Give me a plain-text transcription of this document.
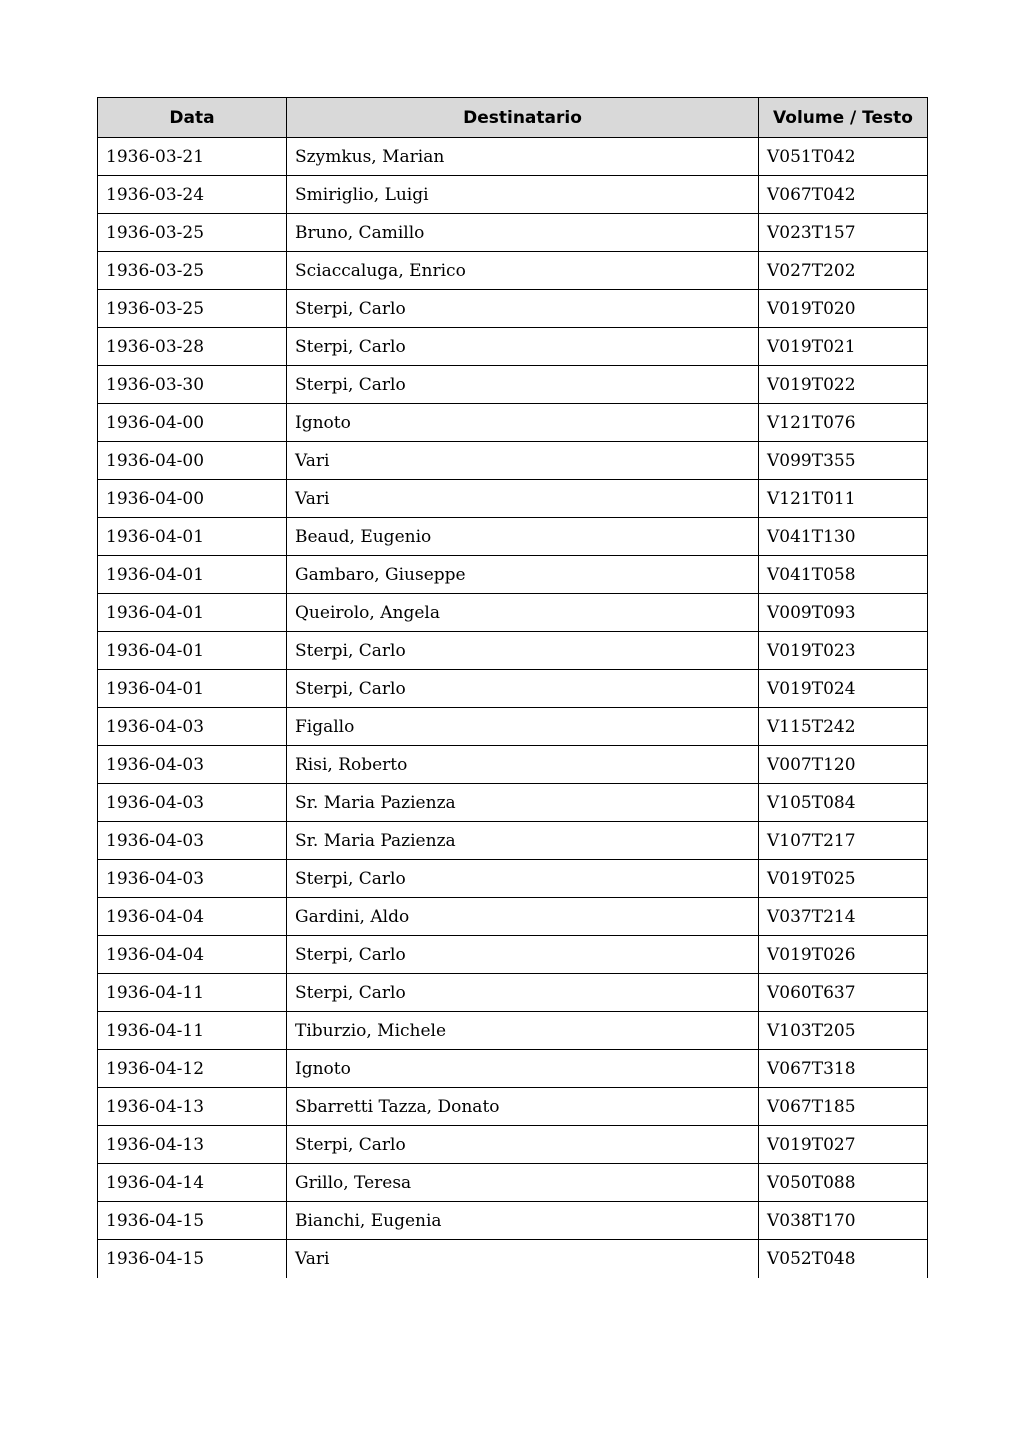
Data	Destinatario	Volume / Testo
1936-03-21	Szymkus, Marian	V051T042
1936-03-24	Smiriglio, Luigi	V067T042
1936-03-25	Bruno, Camillo	V023T157
1936-03-25	Sciaccaluga, Enrico	V027T202
1936-03-25	Sterpi, Carlo	V019T020
1936-03-28	Sterpi, Carlo	V019T021
1936-03-30	Sterpi, Carlo	V019T022
1936-04-00	Ignoto	V121T076
1936-04-00	Vari	V099T355
1936-04-00	Vari	V121T011
1936-04-01	Beaud, Eugenio	V041T130
1936-04-01	Gambaro, Giuseppe	V041T058
1936-04-01	Queirolo, Angela	V009T093
1936-04-01	Sterpi, Carlo	V019T023
1936-04-01	Sterpi, Carlo	V019T024
1936-04-03	Figallo	V115T242
1936-04-03	Risi, Roberto	V007T120
1936-04-03	Sr. Maria Pazienza	V105T084
1936-04-03	Sr. Maria Pazienza	V107T217
1936-04-03	Sterpi, Carlo	V019T025
1936-04-04	Gardini, Aldo	V037T214
1936-04-04	Sterpi, Carlo	V019T026
1936-04-11	Sterpi, Carlo	V060T637
1936-04-11	Tiburzio, Michele	V103T205
1936-04-12	Ignoto	V067T318
1936-04-13	Sbarretti Tazza, Donato	V067T185
1936-04-13	Sterpi, Carlo	V019T027
1936-04-14	Grillo, Teresa	V050T088
1936-04-15	Bianchi, Eugenia	V038T170
1936-04-15	Vari	V052T048
